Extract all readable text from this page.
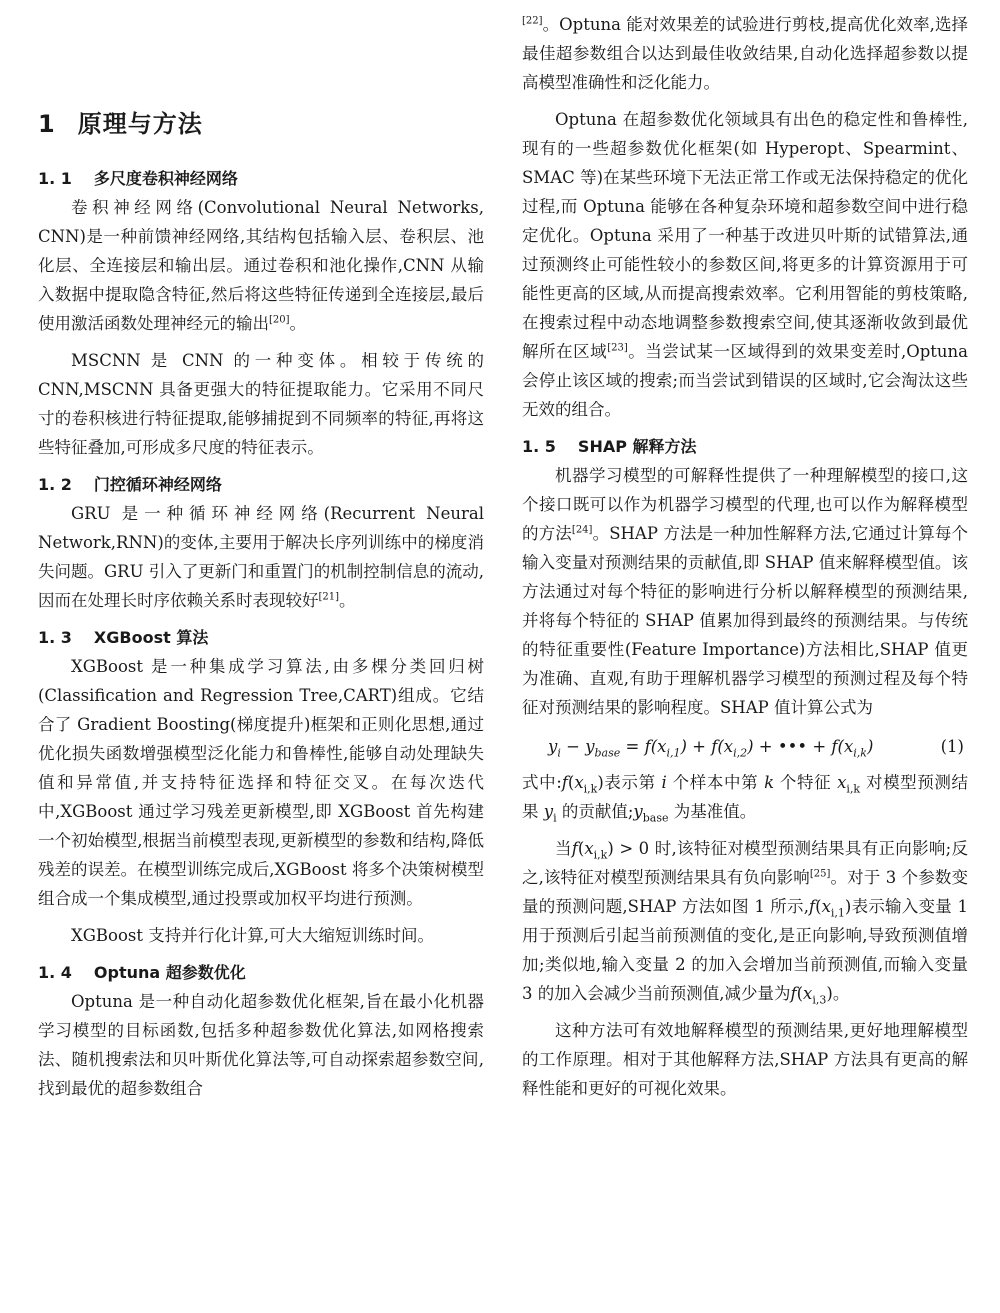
1 原理与方法
1. 1 多尺度卷积神经网络

卷积神经网络(Convolutional Neural Networks, CNN)是一种前馈神经网络,其结构包括输入层、卷积层、池化层、全连接层和输出层。通过卷积和池化操作,CNN 从输入数据中提取隐含特征,然后将这些特征传递到全连接层,最后使用激活函数处理神经元的输出[20]。

MSCNN 是 CNN 的一种变体。相较于传统的 CNN,MSCNN 具备更强大的特征提取能力。它采用不同尺寸的卷积核进行特征提取,能够捕捉到不同频率的特征,再将这些特征叠加,可形成多尺度的特征表示。

1. 2 门控循环神经网络

GRU 是一种循环神经网络(Recurrent Neural Network,RNN)的变体,主要用于解决长序列训练中的梯度消失问题。GRU 引入了更新门和重置门的机制控制信息的流动,因而在处理长时序依赖关系时表现较好[21]。

1. 3 XGBoost 算法

XGBoost 是一种集成学习算法,由多棵分类回归树(Classification and Regression Tree,CART)组成。它结合了 Gradient Boosting(梯度提升)框架和正则化思想,通过优化损失函数增强模型泛化能力和鲁棒性,能够自动处理缺失值和异常值,并支持特征选择和特征交叉。在每次迭代中,XGBoost 通过学习残差更新模型,即 XGBoost 首先构建一个初始模型,根据当前模型表现,更新模型的参数和结构,降低残差的误差。在模型训练完成后,XGBoost 将多个决策树模型组合成一个集成模型,通过投票或加权平均进行预测。

XGBoost 支持并行化计算,可大大缩短训练时间。

1. 4 Optuna 超参数优化

Optuna 是一种自动化超参数优化框架,旨在最小化机器学习模型的目标函数,包括多种超参数优化算法,如网格搜索法、随机搜索法和贝叶斯优化算法等,可自动探索超参数空间,找到最优的超参数组合

[22]。Optuna 能对效果差的试验进行剪枝,提高优化效率,选择最佳超参数组合以达到最佳收敛结果,自动化选择超参数以提高模型准确性和泛化能力。

Optuna 在超参数优化领域具有出色的稳定性和鲁棒性,现有的一些超参数优化框架(如 Hyperopt、Spearmint、SMAC 等)在某些环境下无法正常工作或无法保持稳定的优化过程,而 Optuna 能够在各种复杂环境和超参数空间中进行稳定优化。Optuna 采用了一种基于改进贝叶斯的试错算法,通过预测终止可能性较小的参数区间,将更多的计算资源用于可能性更高的区域,从而提高搜索效率。它利用智能的剪枝策略,在搜索过程中动态地调整参数搜索空间,使其逐渐收敛到最优解所在区域[23]。当尝试某一区域得到的效果变差时,Optuna 会停止该区域的搜索;而当尝试到错误的区域时,它会淘汰这些无效的组合。

1. 5 SHAP 解释方法

机器学习模型的可解释性提供了一种理解模型的接口,这个接口既可以作为机器学习模型的代理,也可以作为解释模型的方法[24]。SHAP 方法是一种加性解释方法,它通过计算每个输入变量对预测结果的贡献值,即 SHAP 值来解释模型值。该方法通过对每个特征的影响进行分析以解释模型的预测结果,并将每个特征的 SHAP 值累加得到最终的预测结果。与传统的特征重要性(Feature Importance)方法相比,SHAP 值更为准确、直观,有助于理解机器学习模型的预测过程及每个特征对预测结果的影响程度。SHAP 值计算公式为

$y_i - y_{base} = f(x_{i,1}) + f(x_{i,2})$ + ••• + $f(x_{i,k})$	(1)

式中$:f(x_{i,k})$表示第 i 个样本中第 k 个特征 $x_{i,k}$ 对模型预测结果 $y_i$ 的贡献值$;y_{base}$ 为基准值。

当$f(x_{i,k}) > 0$ 时,该特征对模型预测结果具有正向影响;反之,该特征对模型预测结果具有负向影响[25]。对于 3 个参数变量的预测问题,SHAP 方法如图 1 所示$,f(x_{i,1})$表示输入变量 1 用于预测后引起当前预测值的变化,是正向影响,导致预测值增加;类似地,输入变量 2 的加入会增加当前预测值,而输入变量 3 的加入会减少当前预测值,减少量为$f(x_{i,3})$。

这种方法可有效地解释模型的预测结果,更好地理解模型的工作原理。相对于其他解释方法,SHAP 方法具有更高的解释性能和更好的可视化效果。
